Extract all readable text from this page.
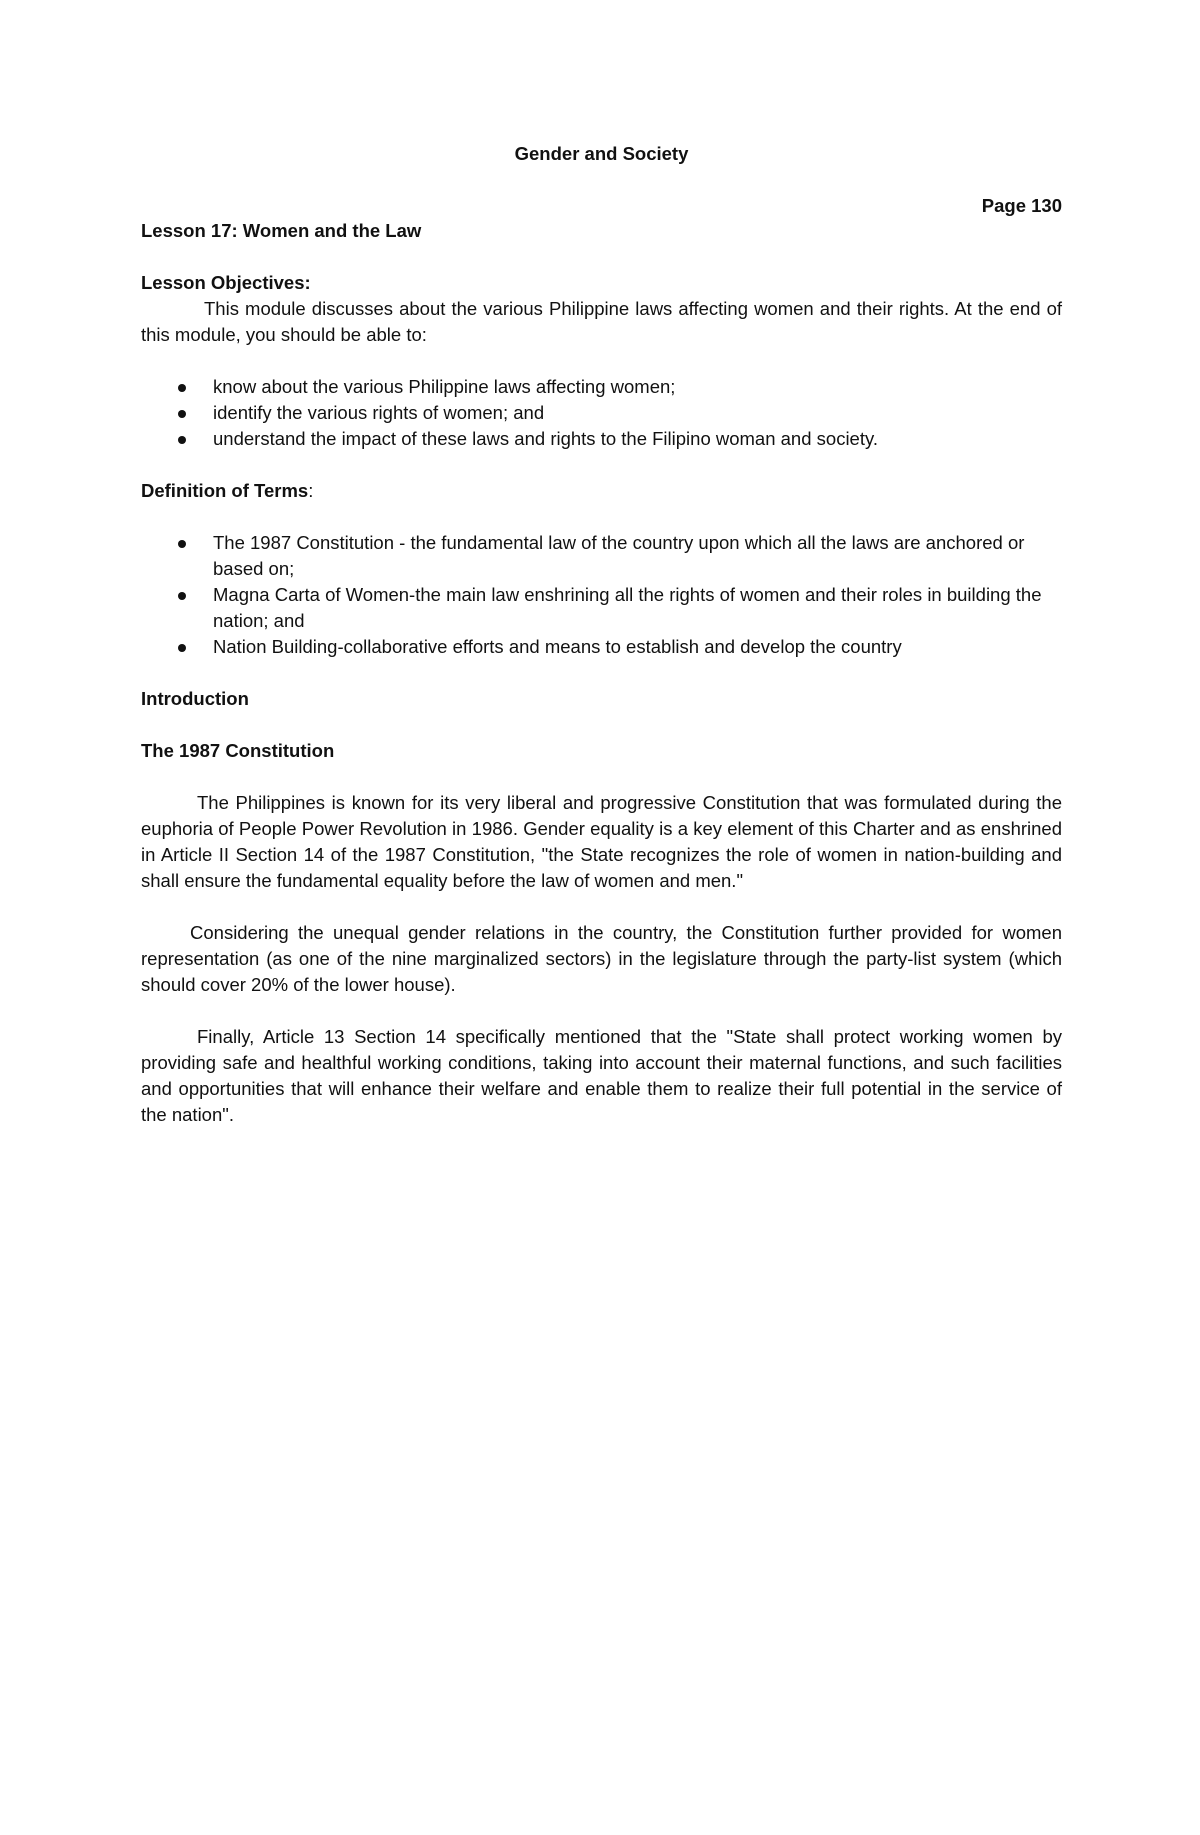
Gender and Society
Page 130
Lesson 17: Women and the Law

Lesson Objectives:

This module discusses about the various Philippine laws affecting women and their rights. At the end of this module, you should be able to:

know about the various Philippine laws affecting women;
identify the various rights of women; and
understand the impact of these laws and rights to the Filipino woman and society.

Definition of Terms:

The 1987 Constitution - the fundamental law of the country upon which all the laws are anchored or based on;
Magna Carta of Women-the main law enshrining all the rights of women and their roles in building the nation; and
Nation Building-collaborative efforts and means to establish and develop the country

Introduction

The 1987 Constitution

The Philippines is known for its very liberal and progressive Constitution that was formulated during the euphoria of People Power Revolution in 1986. Gender equality is a key element of this Charter and as enshrined in Article II Section 14 of the 1987 Constitution, "the State recognizes the role of women in nation-building and shall ensure the fundamental equality before the law of women and men."

Considering the unequal gender relations in the country, the Constitution further provided for women representation (as one of the nine marginalized sectors) in the legislature through the party-list system (which should cover 20% of the lower house).

Finally, Article 13 Section 14 specifically mentioned that the "State shall protect working women by providing safe and healthful working conditions, taking into account their maternal functions, and such facilities and opportunities that will enhance their welfare and enable them to realize their full potential in the service of the nation".
